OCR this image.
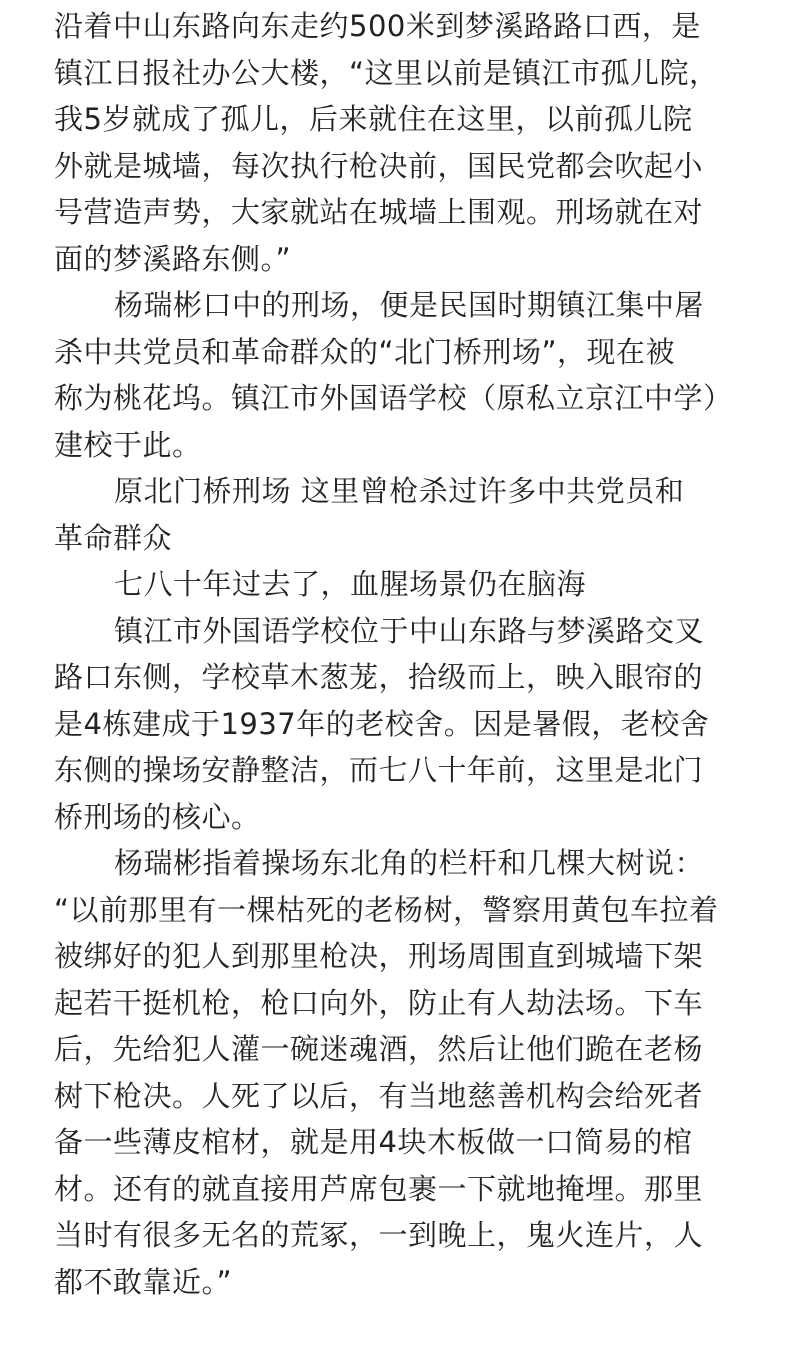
沿着中山东路向东走约500米到梦溪路路口西，是
镇江日报社办公大楼，“这里以前是镇江市孤儿院，
我5岁就成了孤儿，后来就住在这里，以前孤儿院
外就是城墙，每次执行枪决前，国民党都会吹起小
号营造声势，大家就站在城墙上围观。刑场就在对
面的梦溪路东侧。”
杨瑞彬口中的刑场，便是民国时期镇江集中屠
杀中共党员和革命群众的“北门桥刑场”，现在被
称为桃花坞。镇江市外国语学校（原私立京江中学）
建校于此。
原北门桥刑场 这里曾枪杀过许多中共党员和
革命群众
七八十年过去了，血腥场景仍在脑海
镇江市外国语学校位于中山东路与梦溪路交叉
路口东侧，学校草木葱茏，拾级而上，映入眼帘的
是4栋建成于1937年的老校舍。因是暑假，老校舍
东侧的操场安静整洁，而七八十年前，这里是北门
桥刑场的核心。
杨瑞彬指着操场东北角的栏杆和几棵大树说：
“以前那里有一棵枯死的老杨树，警察用黄包车拉着
被绑好的犯人到那里枪决，刑场周围直到城墙下架
起若干挺机枪，枪口向外，防止有人劫法场。下车
后，先给犯人灌一碗迷魂酒，然后让他们跪在老杨
树下枪决。人死了以后，有当地慈善机构会给死者
备一些薄皮棺材，就是用4块木板做一口简易的棺
材。还有的就直接用芦席包裹一下就地掩埋。那里
当时有很多无名的荒冢，一到晚上，鬼火连片，人
都不敢靠近。”
